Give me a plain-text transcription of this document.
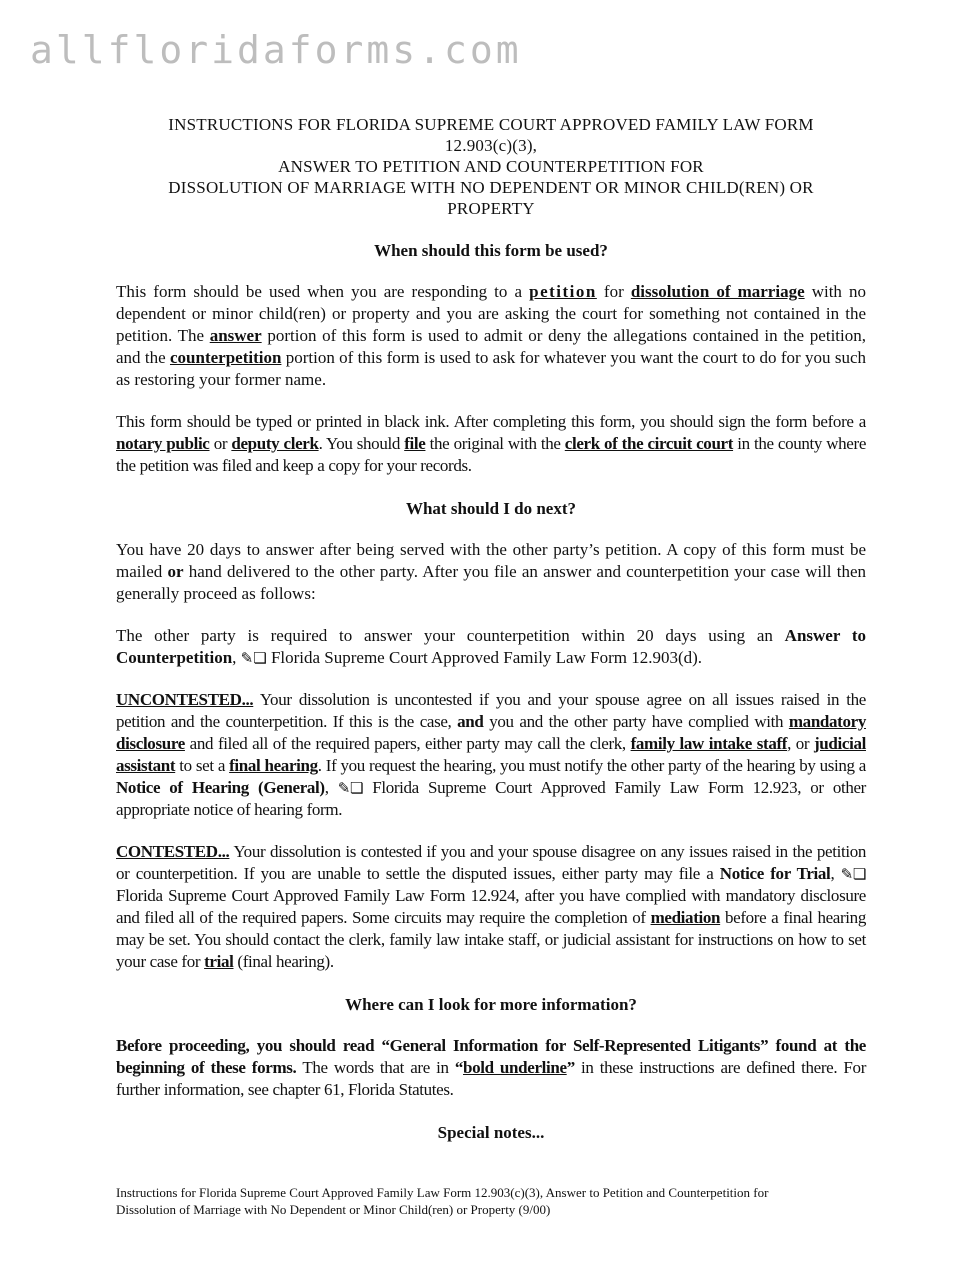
allfloridaforms.com
INSTRUCTIONS FOR FLORIDA SUPREME COURT APPROVED FAMILY LAW FORM
12.903(c)(3),
ANSWER TO PETITION AND COUNTERPETITION FOR
DISSOLUTION OF MARRIAGE WITH NO DEPENDENT OR MINOR CHILD(REN) OR
PROPERTY
When should this form be used?

This form should be used when you are responding to a petition for dissolution of marriage with no dependent or minor child(ren) or property and you are asking the court for something not contained in the petition. The answer portion of this form is used to admit or deny the allegations contained in the petition, and the counterpetition portion of this form is used to ask for whatever you want the court to do for you such as restoring your former name.

This form should be typed or printed in black ink. After completing this form, you should sign the form before a notary public or deputy clerk. You should file the original with the clerk of the circuit court in the county where the petition was filed and keep a copy for your records.

What should I do next?

You have 20 days to answer after being served with the other party’s petition. A copy of this form must be mailed or hand delivered to the other party. After you file an answer and counterpetition your case will then generally proceed as follows:

The other party is required to answer your counterpetition within 20 days using an Answer to Counterpetition, ✎❏ Florida Supreme Court Approved Family Law Form 12.903(d).

UNCONTESTED... Your dissolution is uncontested if you and your spouse agree on all issues raised in the petition and the counterpetition. If this is the case, and you and the other party have complied with mandatory disclosure and filed all of the required papers, either party may call the clerk, family law intake staff, or judicial assistant to set a final hearing. If you request the hearing, you must notify the other party of the hearing by using a Notice of Hearing (General), ✎❏ Florida Supreme Court Approved Family Law Form 12.923, or other appropriate notice of hearing form.

CONTESTED... Your dissolution is contested if you and your spouse disagree on any issues raised in the petition or counterpetition. If you are unable to settle the disputed issues, either party may file a Notice for Trial, ✎❏ Florida Supreme Court Approved Family Law Form 12.924, after you have complied with mandatory disclosure and filed all of the required papers. Some circuits may require the completion of mediation before a final hearing may be set. You should contact the clerk, family law intake staff, or judicial assistant for instructions on how to set your case for trial (final hearing).

Where can I look for more information?

Before proceeding, you should read “General Information for Self-Represented Litigants” found at the beginning of these forms. The words that are in “bold underline” in these instructions are defined there. For further information, see chapter 61, Florida Statutes.

Special notes...
Instructions for Florida Supreme Court Approved Family Law Form 12.903(c)(3), Answer to Petition and Counterpetition for
Dissolution of Marriage with No Dependent or Minor Child(ren) or Property (9/00)
